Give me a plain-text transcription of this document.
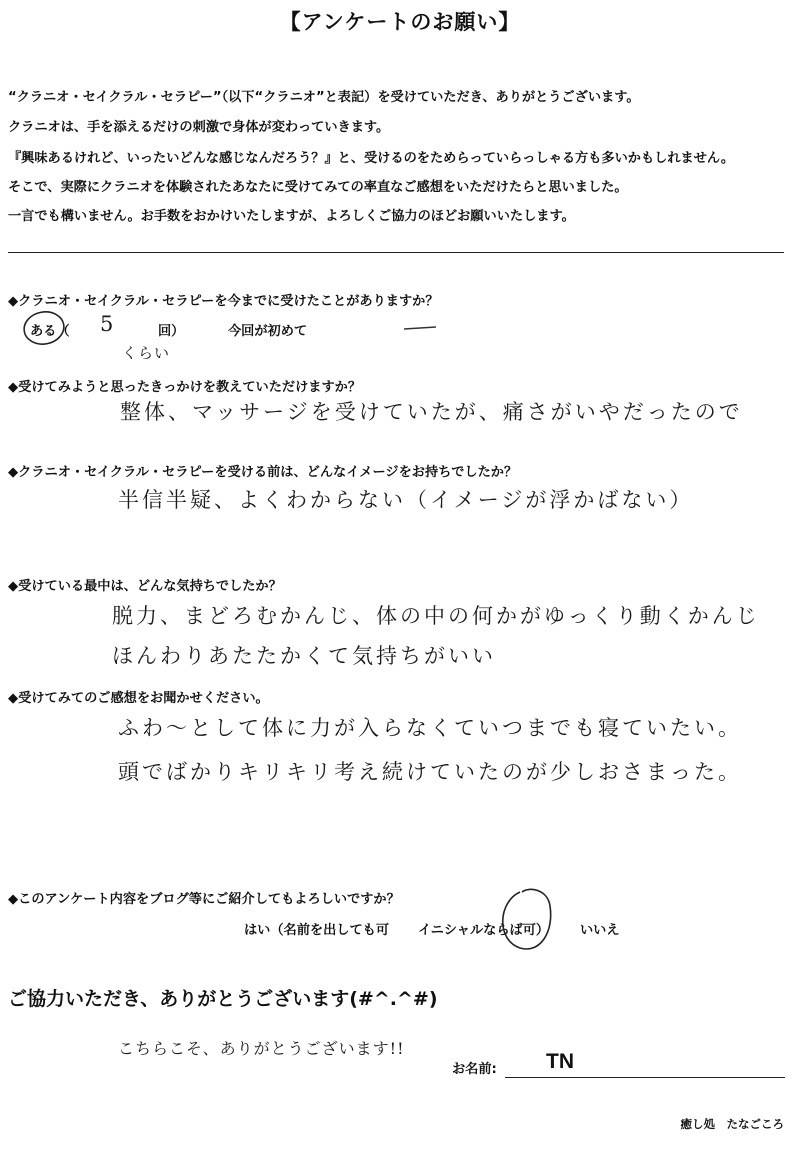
【アンケートのお願い】
“クラニオ・セイクラル・セラピー”（以下“クラニオ”と表記）を受けていただき、ありがとうございます。
クラニオは、手を添えるだけの刺激で身体が変わっていきます。
『興味あるけれど、いったいどんな感じなんだろう？』と、受けるのをためらっていらっしゃる方も多いかもしれません。
そこで、実際にクラニオを体験されたあなたに受けてみての率直なご感想をいただけたらと思いました。
一言でも構いません。お手数をおかけいたしますが、よろしくご協力のほどお願いいたします。
◆クラニオ・セイクラル・セラピーを今までに受けたことがありますか？
ある（ 5	回）	今回が初めて
くらい
◆受けてみようと思ったきっかけを教えていただけますか？
整体、マッサージを受けていたが、痛さがいやだったので
◆クラニオ・セイクラル・セラピーを受ける前は、どんなイメージをお持ちでしたか？
半信半疑、よくわからない（イメージが浮かばない）
◆受けている最中は、どんな気持ちでしたか？
脱力、まどろむかんじ、体の中の何かがゆっくり動くかんじ
ほんわりあたたかくて気持ちがいい
◆受けてみてのご感想をお聞かせください。
ふわ～として体に力が入らなくていつまでも寝ていたい。
頭でばかりキリキリ考え続けていたのが少しおさまった。
◆このアンケート内容をブログ等にご紹介してもよろしいですか？
はい（名前を出しても可 イニシャルならば可） いいえ
ご協力いただき、ありがとうございます(#^.^#)
こちらこそ、ありがとうございます!!
お名前: TN
癒し処　たなごころ
